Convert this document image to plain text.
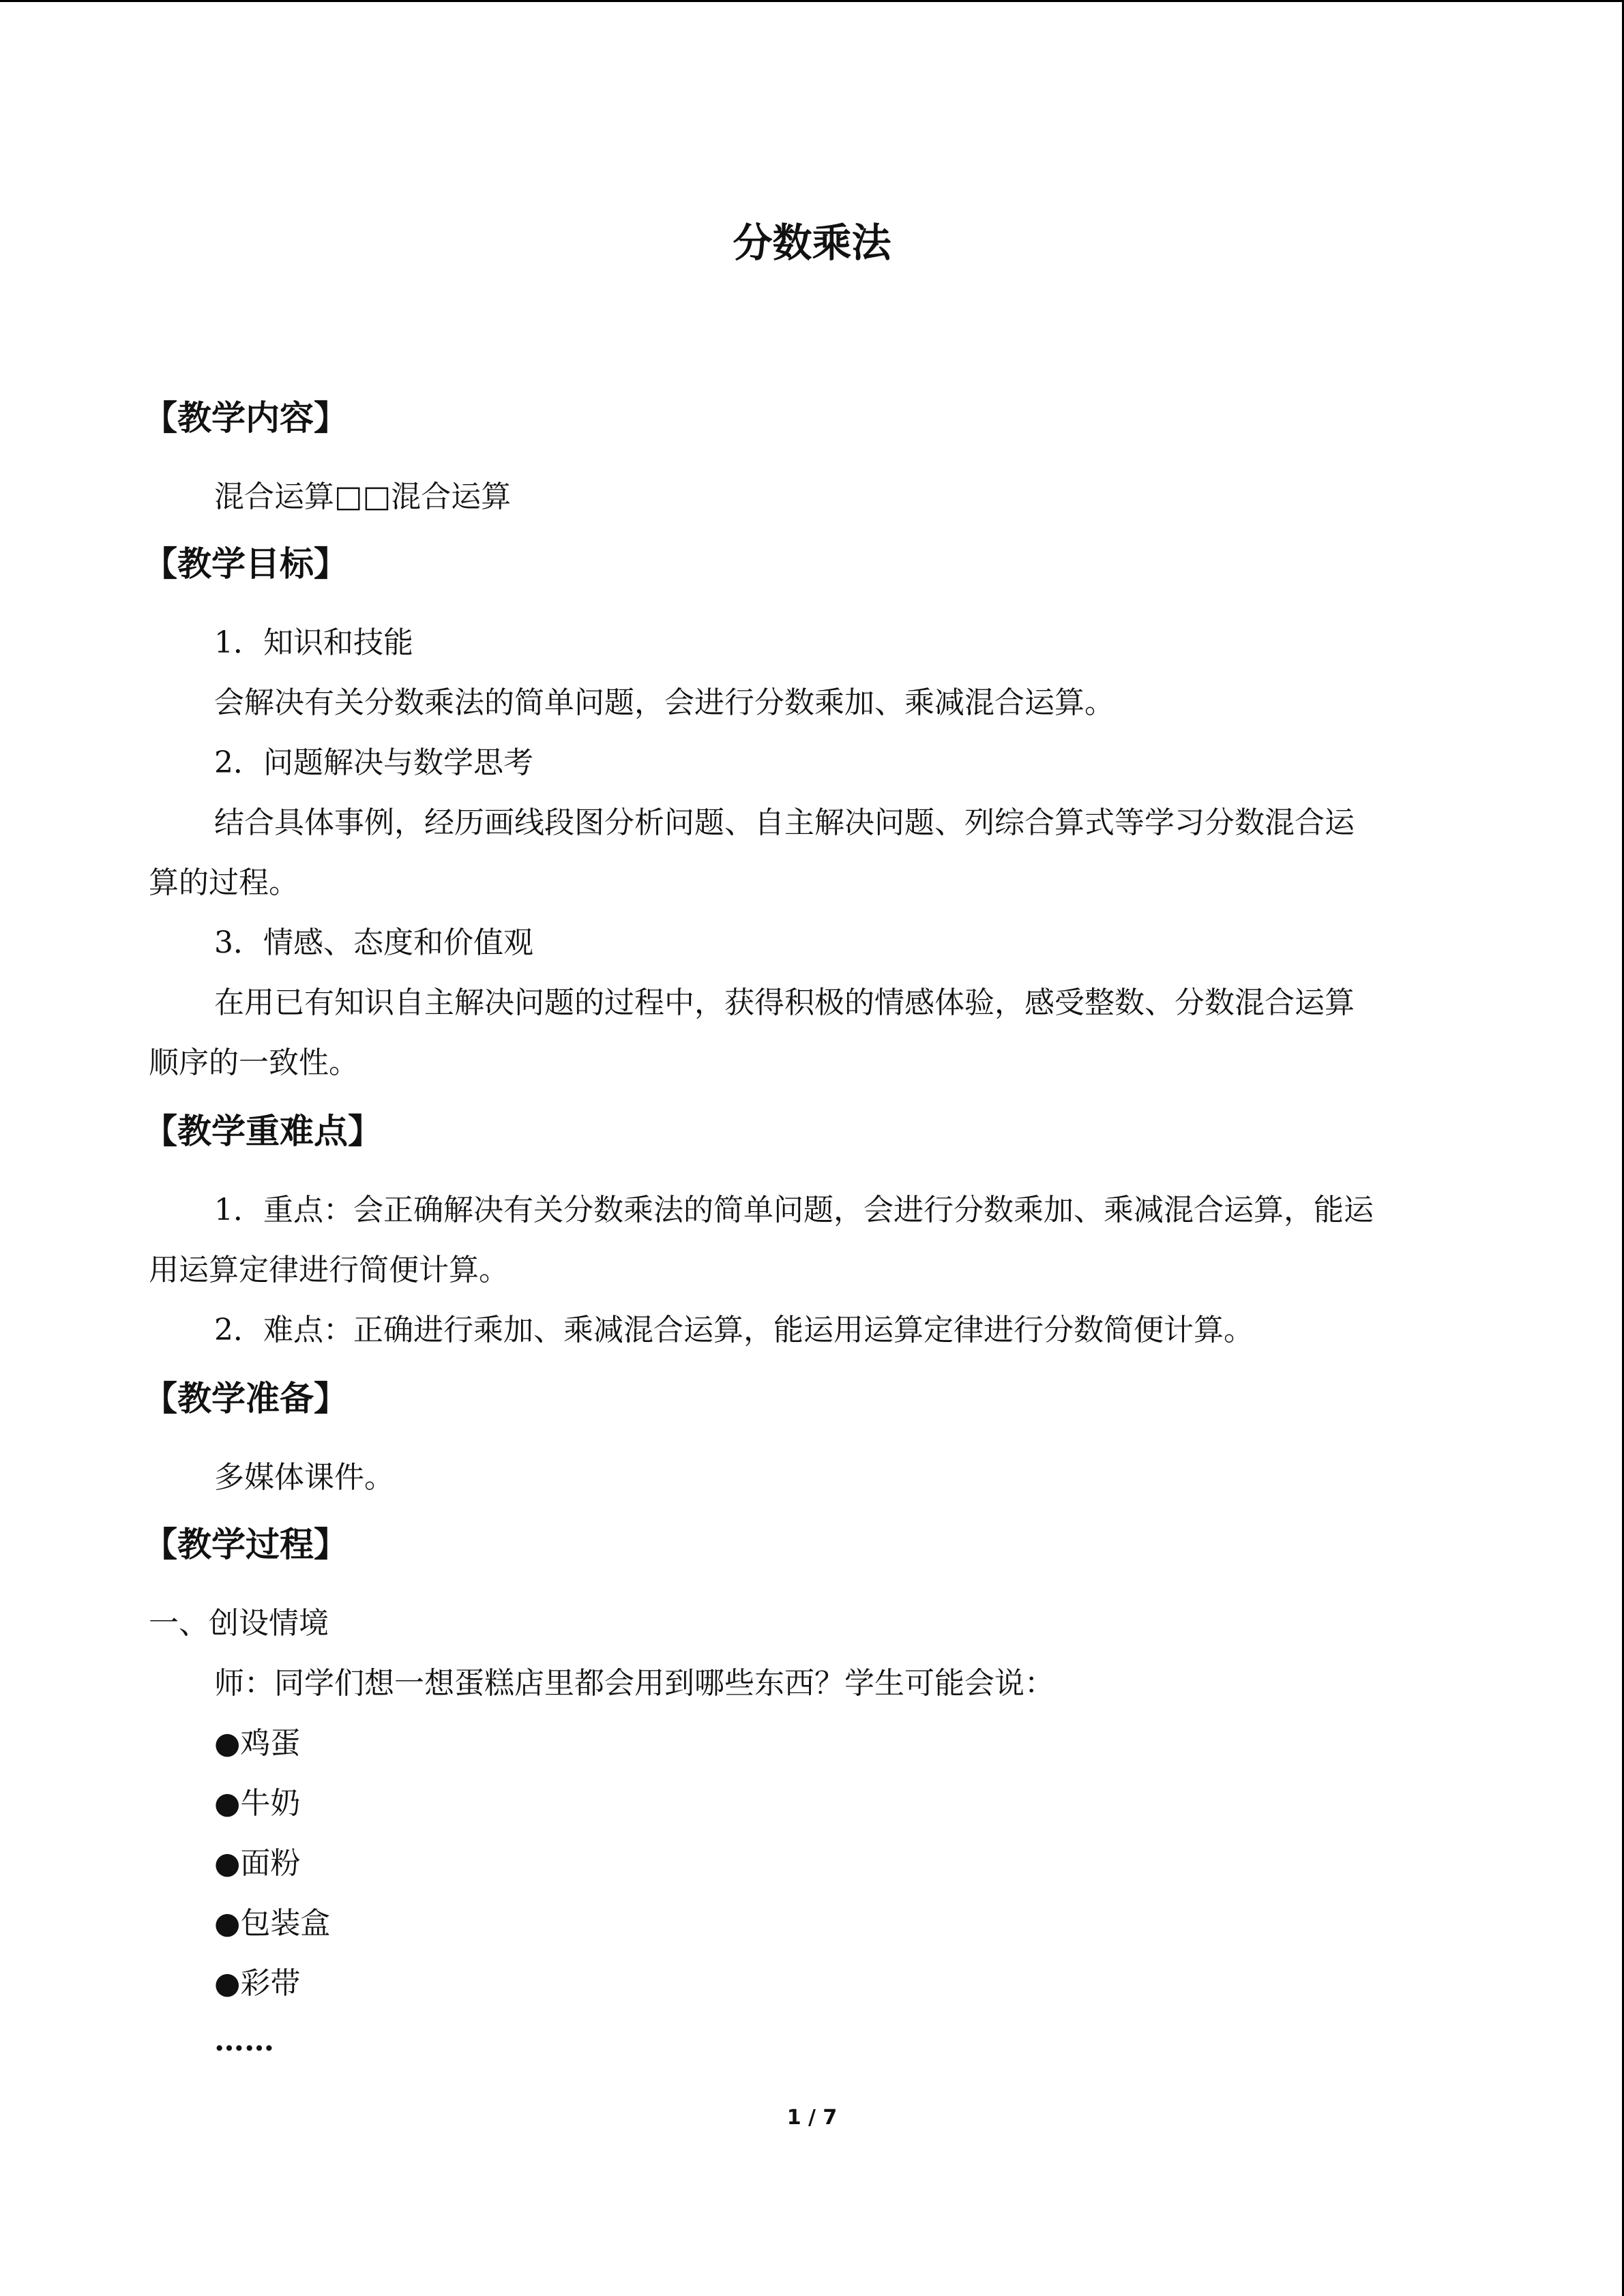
分数乘法
【教学内容】
混合运算□□混合运算
【教学目标】
1．知识和技能
会解决有关分数乘法的简单问题，会进行分数乘加、乘减混合运算。
2．问题解决与数学思考
结合具体事例，经历画线段图分析问题、自主解决问题、列综合算式等学习分数混合运
算的过程。
3．情感、态度和价值观
在用已有知识自主解决问题的过程中，获得积极的情感体验，感受整数、分数混合运算
顺序的一致性。
【教学重难点】
1．重点：会正确解决有关分数乘法的简单问题，会进行分数乘加、乘减混合运算，能运
用运算定律进行简便计算。
2．难点：正确进行乘加、乘减混合运算，能运用运算定律进行分数简便计算。
【教学准备】
多媒体课件。
【教学过程】
一、创设情境
师：同学们想一想蛋糕店里都会用到哪些东西？学生可能会说：
●鸡蛋
●牛奶
●面粉
●包装盒
●彩带
……
1 / 7
